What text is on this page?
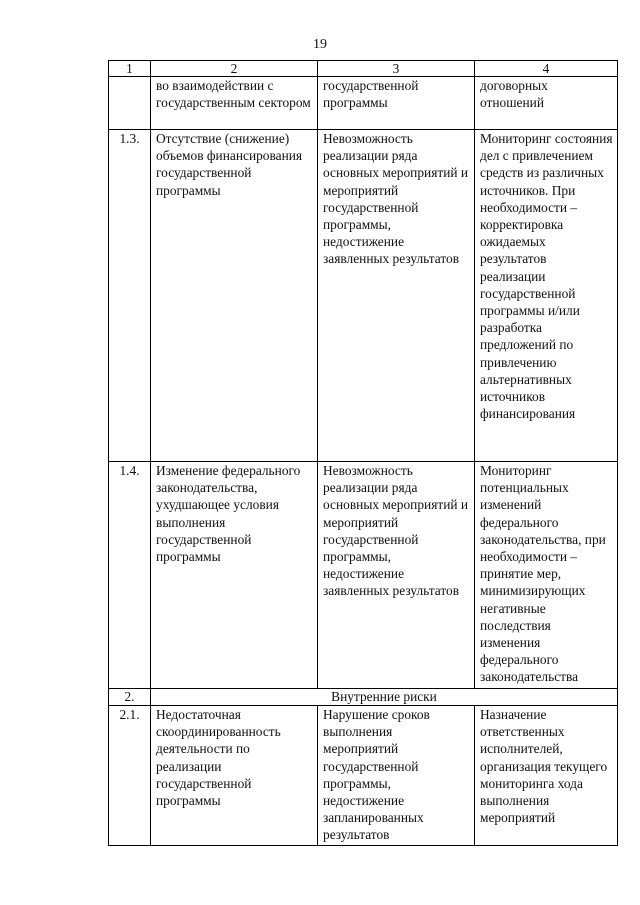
19
1	2	3	4
	во взаимодействии с государственным сектором	государственной программы	договорных отношений
1.3.	Отсутствие (снижение) объемов финансирования государственной программы	Невозможность реализации ряда основных мероприятий и мероприятий государственной программы, недостижение заявленных результатов	Мониторинг состояния дел с привлечением средств из различных источников. При необходимости – корректировка ожидаемых результатов реализации государственной программы и/или разработка предложений по привлечению альтернативных источников финансирования
1.4.	Изменение федерального законодательства, ухудшающее условия выполнения государственной программы	Невозможность реализации ряда основных мероприятий и мероприятий государственной программы, недостижение заявленных результатов	Мониторинг потенциальных изменений федерального законодательства, при необходимости – принятие мер, минимизирующих негативные последствия изменения федерального законодательства
2.	Внутренние риски		
2.1.	Недостаточная скоординированность деятельности по реализации государственной программы	Нарушение сроков выполнения мероприятий государственной программы, недостижение запланированных результатов	Назначение ответственных исполнителей, организация текущего мониторинга хода выполнения мероприятий
